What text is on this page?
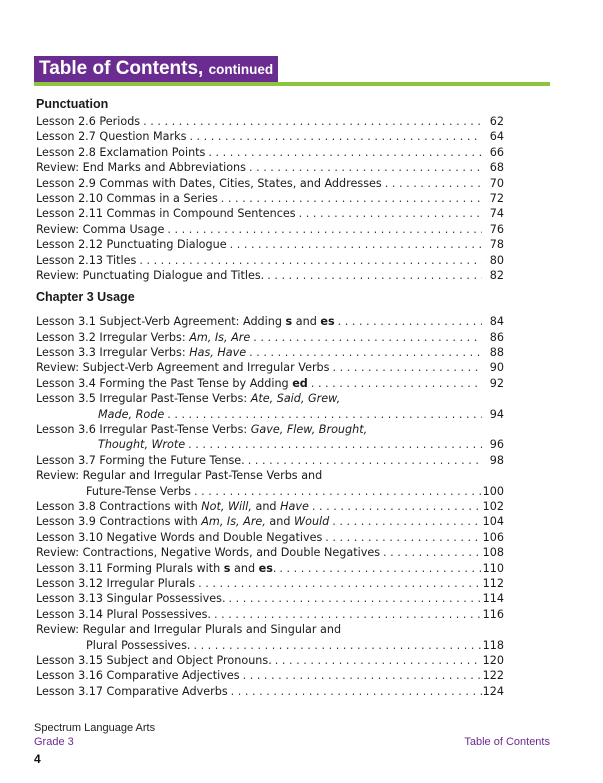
Table of Contents, continued
Punctuation
Lesson 2.6 Periods . . .	62
Lesson 2.7 Question Marks . . .	64
Lesson 2.8 Exclamation Points . . .	66
Review: End Marks and Abbreviations . . .	68
Lesson 2.9 Commas with Dates, Cities, States, and Addresses . . .	70
Lesson 2.10 Commas in a Series . . .	72
Lesson 2.11 Commas in Compound Sentences . . .	74
Review: Comma Usage . . .	76
Lesson 2.12 Punctuating Dialogue . . .	78
Lesson 2.13 Titles . . .	80
Review: Punctuating Dialogue and Titles. . . .	82
Chapter 3 Usage
Lesson 3.1 Subject-Verb Agreement: Adding s and es . . .	84
Lesson 3.2 Irregular Verbs: Am, Is, Are . . .	86
Lesson 3.3 Irregular Verbs: Has, Have . . .	88
Review: Subject-Verb Agreement and Irregular Verbs . . .	90
Lesson 3.4 Forming the Past Tense by Adding ed . . .	92
Lesson 3.5 Irregular Past-Tense Verbs: Ate, Said, Grew,
Made, Rode . . .	94
Lesson 3.6 Irregular Past-Tense Verbs: Gave, Flew, Brought,
Thought, Wrote . . .	96
Lesson 3.7 Forming the Future Tense. . . .	98
Review: Regular and Irregular Past-Tense Verbs and
Future-Tense Verbs . . .	100
Lesson 3.8 Contractions with Not, Will, and Have . . .	102
Lesson 3.9 Contractions with Am, Is, Are, and Would . . .	104
Lesson 3.10 Negative Words and Double Negatives . . .	106
Review: Contractions, Negative Words, and Double Negatives . . .	108
Lesson 3.11 Forming Plurals with s and es. . . .	110
Lesson 3.12 Irregular Plurals . . .	112
Lesson 3.13 Singular Possessives. . . .	114
Lesson 3.14 Plural Possessives. . . .	116
Review: Regular and Irregular Plurals and Singular and
Plural Possessives. . . .	118
Lesson 3.15 Subject and Object Pronouns. . . .	120
Lesson 3.16 Comparative Adjectives . . .	122
Lesson 3.17 Comparative Adverbs . . .	124
Spectrum Language Arts
Grade 3	Table of Contents
4
